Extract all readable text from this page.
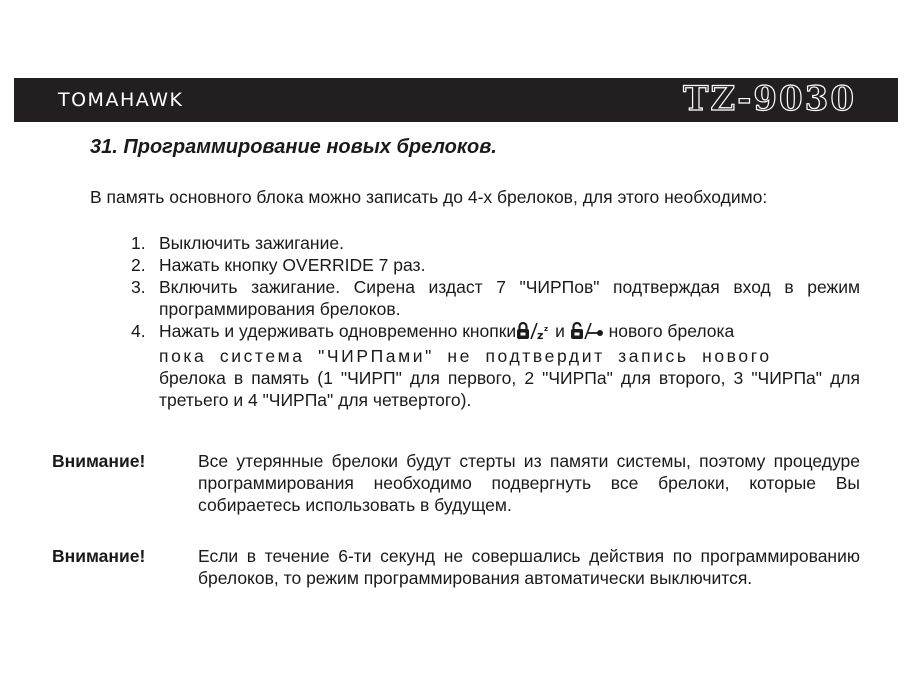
TOMAHAWK	TZ-9030
31. Программирование новых брелоков.
В память основного блока можно записать до 4-х брелоков, для этого необходимо:
1. Выключить зажигание.
2. Нажать кнопку OVERRIDE 7 раз.
3. Включить зажигание. Сирена издаст 7 "ЧИРПов" подтверждая вход в режим программирования брелоков.
4. Нажать и удерживать одновременно кнопки z z и	нового брелока
пока система "ЧИРПами" не подтвердит запись нового
брелока в память (1 "ЧИРП" для первого, 2 "ЧИРПа" для второго, 3 "ЧИРПа" для третьего и 4 "ЧИРПа" для четвертого).
Внимание!	Все утерянные брелоки будут стерты из памяти системы, поэтому процедуре программирования необходимо подвергнуть все брелоки, которые Вы собираетесь использовать в будущем.
Внимание!	Если в течение 6-ти секунд не совершались действия по программированию брелоков, то режим программирования автоматически выключится.
